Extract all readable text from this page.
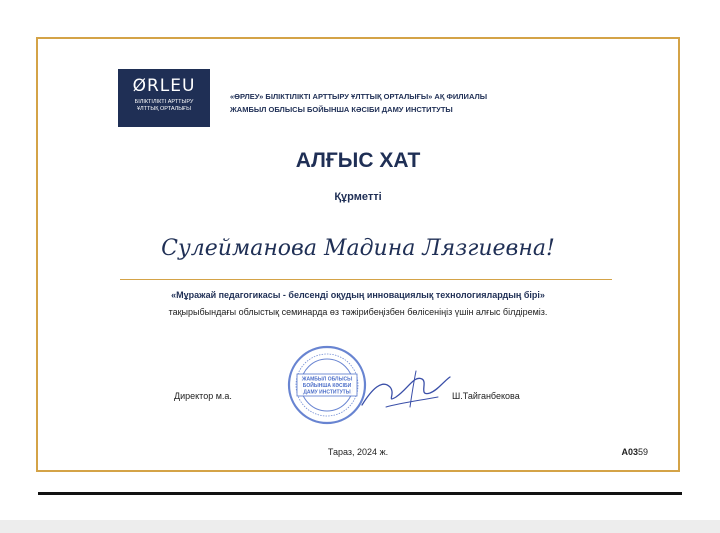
ØRLEU
БІЛІКТІЛІКТІ АРТТЫРУ
ҰЛТТЫҚ ОРТАЛЫҒЫ
«ӨРЛЕУ» БІЛІКТІЛІКТІ АРТТЫРУ ҰЛТТЫҚ ОРТАЛЫҒЫ» АҚ ФИЛИАЛЫ
ЖАМБЫЛ ОБЛЫСЫ БОЙЫНША КӘСІБИ ДАМУ ИНСТИТУТЫ
АЛҒЫС ХАТ
Құрметті
Сулейманова Мадина Лязгиевна!
«Мұражай педагогикасы - белсенді оқудың инновациялық технологиялардың бірі»
тақырыбындағы облыстық семинарда өз тәжірибеңізбен бөлісеніңіз үшін алғыс білдіреміз.
Директор м.а.
ЖАМБЫЛ ОБЛЫСЫ
БОЙЫНША КӘСІБИ
ДАМУ ИНСТИТУТЫ	Ш.Тайганбекова
Тараз, 2024 ж.	А0359
